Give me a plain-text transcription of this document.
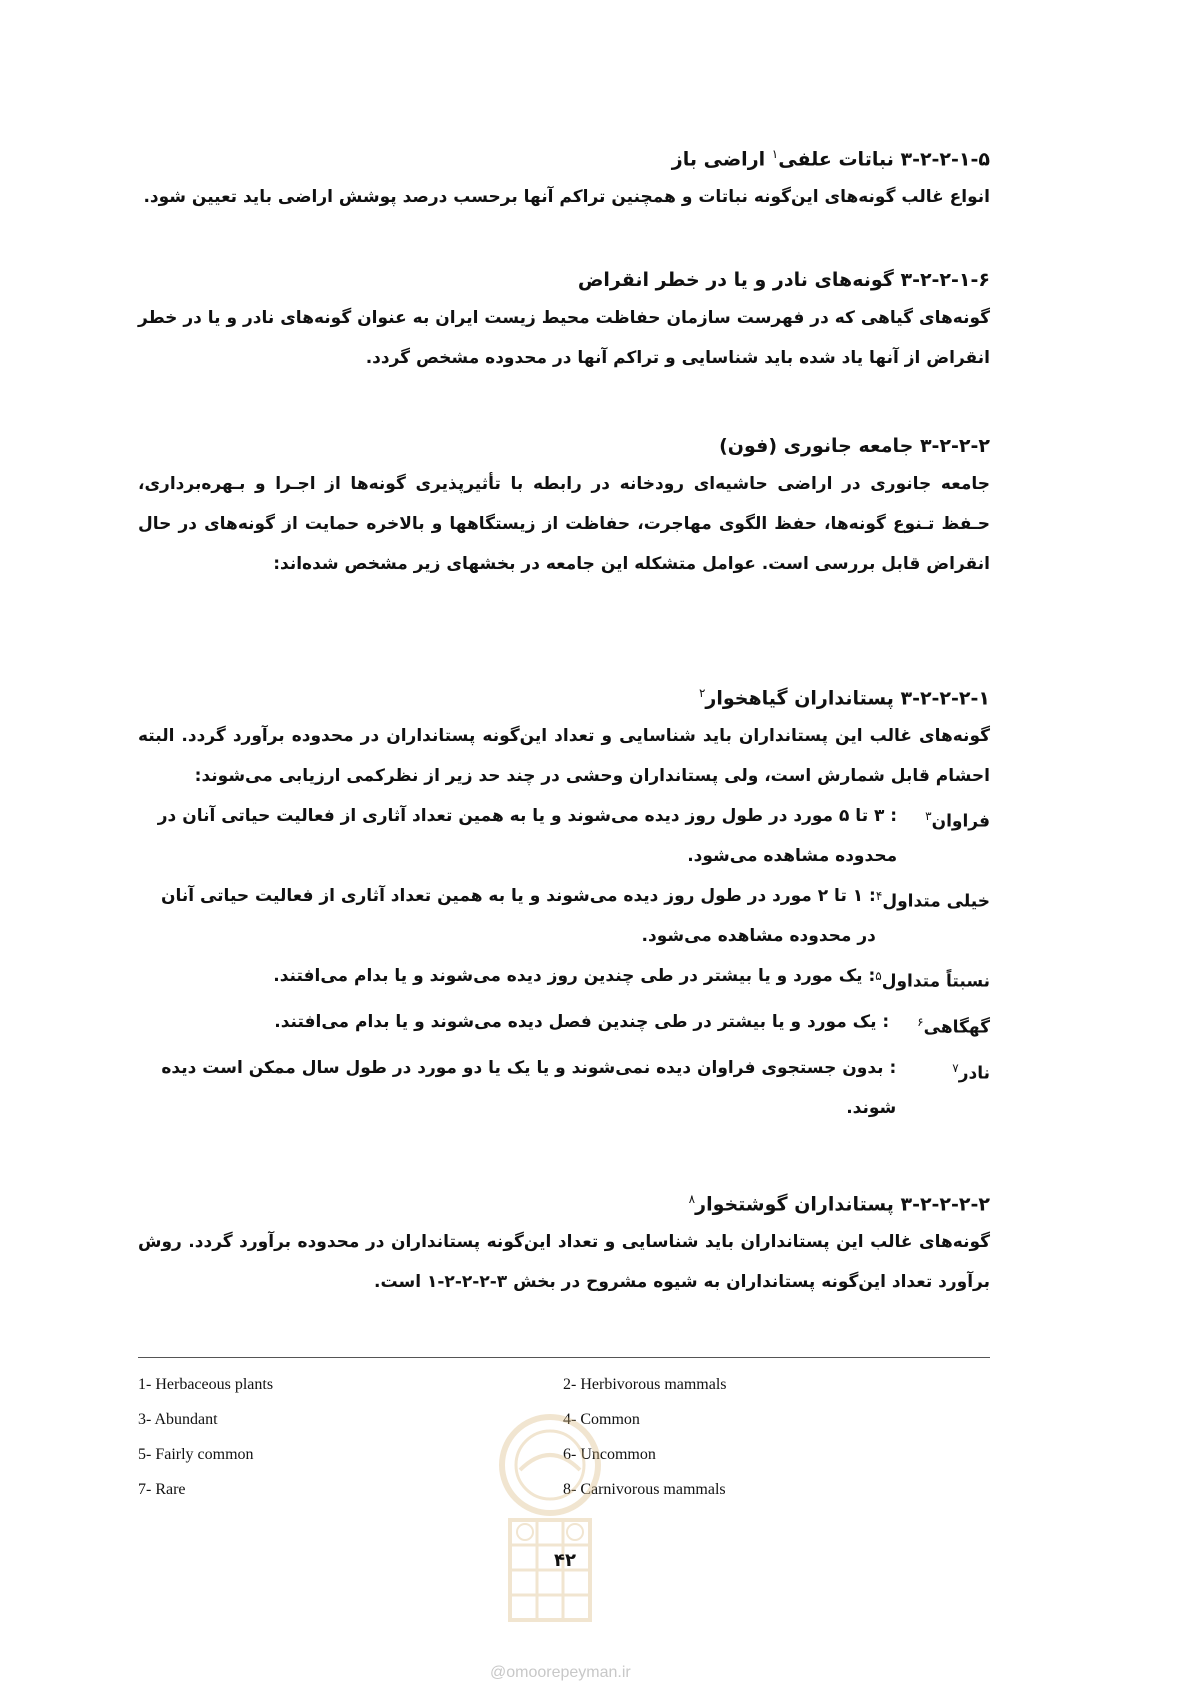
۳-۲-۲-۱-۵ نباتات علفی$^۱$ اراضی باز

انواع غالب گونه‌های این‌گونه نباتات و همچنین تراکم آنها برحسب درصد پوشش اراضی باید تعیین شود.

۳-۲-۲-۱-۶ گونه‌های نادر و یا در خطر انقراض

گونه‌های گیاهی که در فهرست سازمان حفاظت محیط زیست ایران به عنوان گونه‌های نادر و یا در خطر انقراض از آنها یاد شده باید شناسایی و تراکم آنها در محدوده مشخص گردد.

۳-۲-۲-۲ جامعه جانوری (فون)

جامعه جانوری در اراضی حاشیه‌ای رودخانه در رابطه با تأثیرپذیری گونه‌ها از اجـرا و بـهره‌برداری، حـفظ تـنوع گونه‌ها، حفظ الگوی مهاجرت، حفاظت از زیستگاهها و بالاخره حمایت از گونه‌های در حال انقراض قابل بررسی است. عوامل متشکله این جامعه در بخشهای زیر مشخص شده‌اند:

۳-۲-۲-۲-۱ پستانداران گیاهخوار$^۲$

گونه‌های غالب این پستانداران باید شناسایی و تعداد این‌گونه پستانداران در محدوده برآورد گردد. البته احشام قابل شمارش است، ولی پستانداران وحشی در چند حد زیر از نظرکمی ارزیابی می‌شوند:

فراوان$^۳$
: ۳ تا ۵ مورد در طول روز دیده می‌شوند و یا به همین تعداد آثاری از فعالیت حیاتی آنان در محدوده مشاهده می‌شود.
خیلی متداول$^۴$
: ۱ تا ۲ مورد در طول روز دیده می‌شوند و یا به همین تعداد آثاری از فعالیت حیاتی آنان در محدوده مشاهده می‌شود.
نسبتاً متداول$^۵$
: یک مورد و یا بیشتر در طی چندین روز دیده می‌شوند و یا بدام می‌افتند.
گهگاهی$^۶$
: یک مورد و یا بیشتر در طی چندین فصل دیده می‌شوند و یا بدام می‌افتند.
نادر$^۷$
: بدون جستجوی فراوان دیده نمی‌شوند و یا یک یا دو مورد در طول سال ممکن است دیده شوند.
۳-۲-۲-۲-۲ پستانداران گوشتخوار$^۸$

گونه‌های غالب این پستانداران باید شناسایی و تعداد این‌گونه پستانداران در محدوده برآورد گردد. روش برآورد تعداد این‌گونه پستانداران به شیوه مشروح در بخش ۳-۲-۲-۲-۱ است.

1- Herbaceous plants	2- Herbivorous mammals
3- Abundant	4- Common
5- Fairly common	6- Uncommon
7- Rare	8- Carnivorous mammals
۴۲
@omoorepeyman.ir
